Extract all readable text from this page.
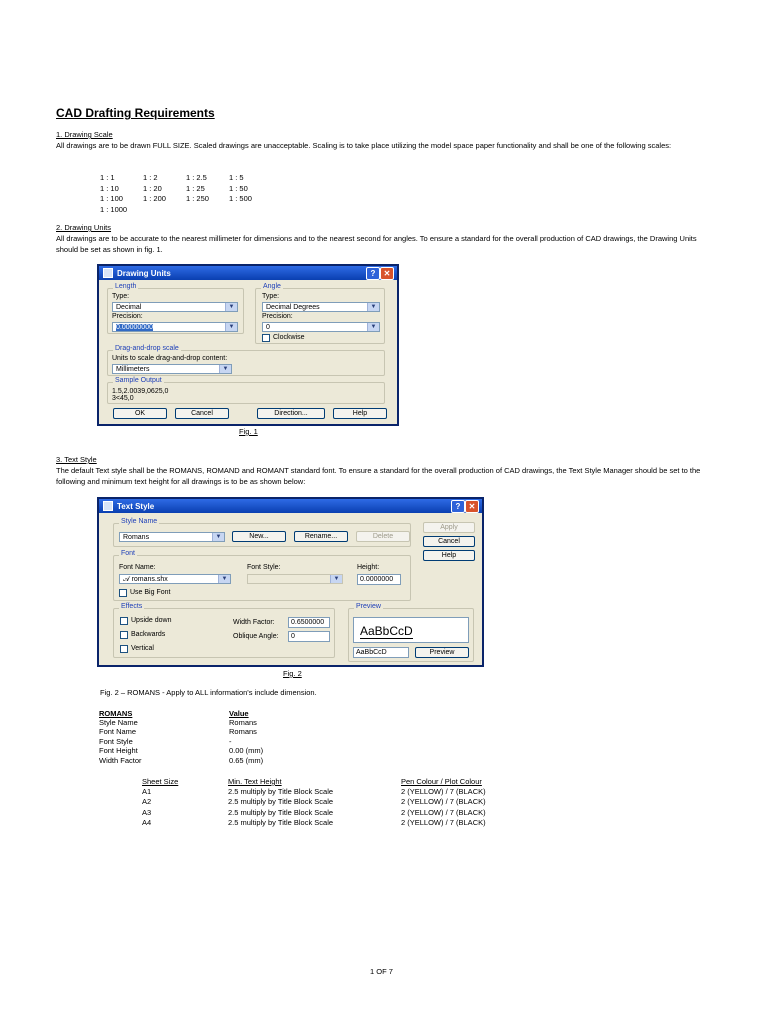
CAD Drafting Requirements
1. Drawing Scale
All drawings are to be drawn FULL SIZE. Scaled drawings are unacceptable. Scaling is to take place utilizing the model space paper functionality and shall be one of the following scales:
1 : 1	1 : 2	1 : 2.5	1 : 5
1 : 10	1 : 20	1 : 25	1 : 50
1 : 100	1 : 200	1 : 250	1 : 500
1 : 1000
2. Drawing Units
All drawings are to be accurate to the nearest millimeter for dimensions and to the nearest second for angles. To ensure a standard for the overall production of CAD drawings, the Drawing Units should be set as shown in fig. 1.
Drawing Units	?	✕
Length
Type:
Decimal	▼
Precision:
0.00000000	▼
Angle
Type:
Decimal Degrees	▼
Precision:
0	▼
Clockwise
Drag-and-drop scale
Units to scale drag-and-drop content:
Millimeters	▼
Sample Output
1.5,2.0039,0625,0
3<45,0
OK	Cancel	Direction...	Help
Fig. 1
3. Text Style
The default Text style shall be the ROMANS, ROMAND and ROMANT standard font. To ensure a standard for the overall production of CAD drawings, the Text Style Manager should be set to the following and minimum text height for all drawings is to be as shown below:
Text Style	?	✕
Style Name
Romans	▼	New...	Rename...	Delete
Apply
Cancel
Help
Font
Font Name:
𝒜 romans.shx	▼
Font Style:
▼
Height:
0.0000000
Use Big Font
Effects
Upside down
Backwards
Vertical
Width Factor:	0.6500000
Oblique Angle:	0
Preview
AaBbCcD
AaBbCcD	Preview
Fig. 2
Fig. 2 – ROMANS - Apply to ALL information's include dimension.
ROMANS	Value
Style Name	Romans
Font Name	Romans
Font Style	-
Font Height	0.00 (mm)
Width Factor	0.65 (mm)
Sheet Size	Min. Text Height	Pen Colour / Plot Colour
A1	2.5 multiply by Title Block Scale	2 (YELLOW) / 7 (BLACK)
A2	2.5 multiply by Title Block Scale	2 (YELLOW) / 7 (BLACK)
A3	2.5 multiply by Title Block Scale	2 (YELLOW) / 7 (BLACK)
A4	2.5 multiply by Title Block Scale	2 (YELLOW) / 7 (BLACK)
1 OF 7
